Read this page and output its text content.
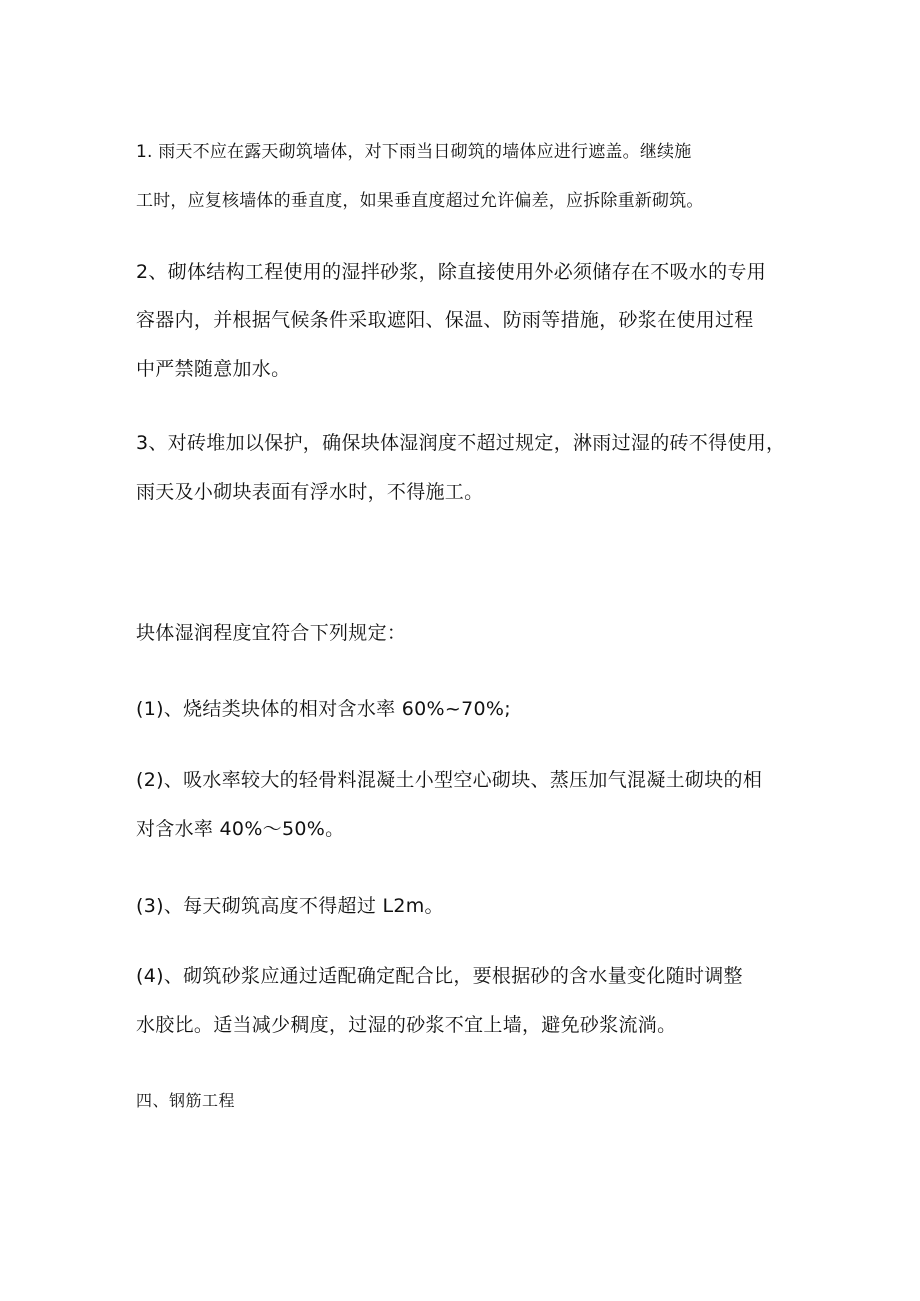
1. 雨天不应在露天砌筑墙体，对下雨当日砌筑的墙体应进行遮盖。继续施
工时，应复核墙体的垂直度，如果垂直度超过允许偏差，应拆除重新砌筑。
2、砌体结构工程使用的湿拌砂浆，除直接使用外必须储存在不吸水的专用
容器内，并根据气候条件采取遮阳、保温、防雨等措施，砂浆在使用过程
中严禁随意加水。
3、对砖堆加以保护，确保块体湿润度不超过规定，淋雨过湿的砖不得使用，
雨天及小砌块表面有浮水时，不得施工。
块体湿润程度宜符合下列规定：
(1)、烧结类块体的相对含水率 60%~70%;
(2)、吸水率较大的轻骨料混凝土小型空心砌块、蒸压加气混凝土砌块的相
对含水率 40%～50%。
(3)、每天砌筑高度不得超过 L2m。
(4)、砌筑砂浆应通过适配确定配合比，要根据砂的含水量变化随时调整
水胶比。适当减少稠度，过湿的砂浆不宜上墙，避免砂浆流淌。
四、钢筋工程
